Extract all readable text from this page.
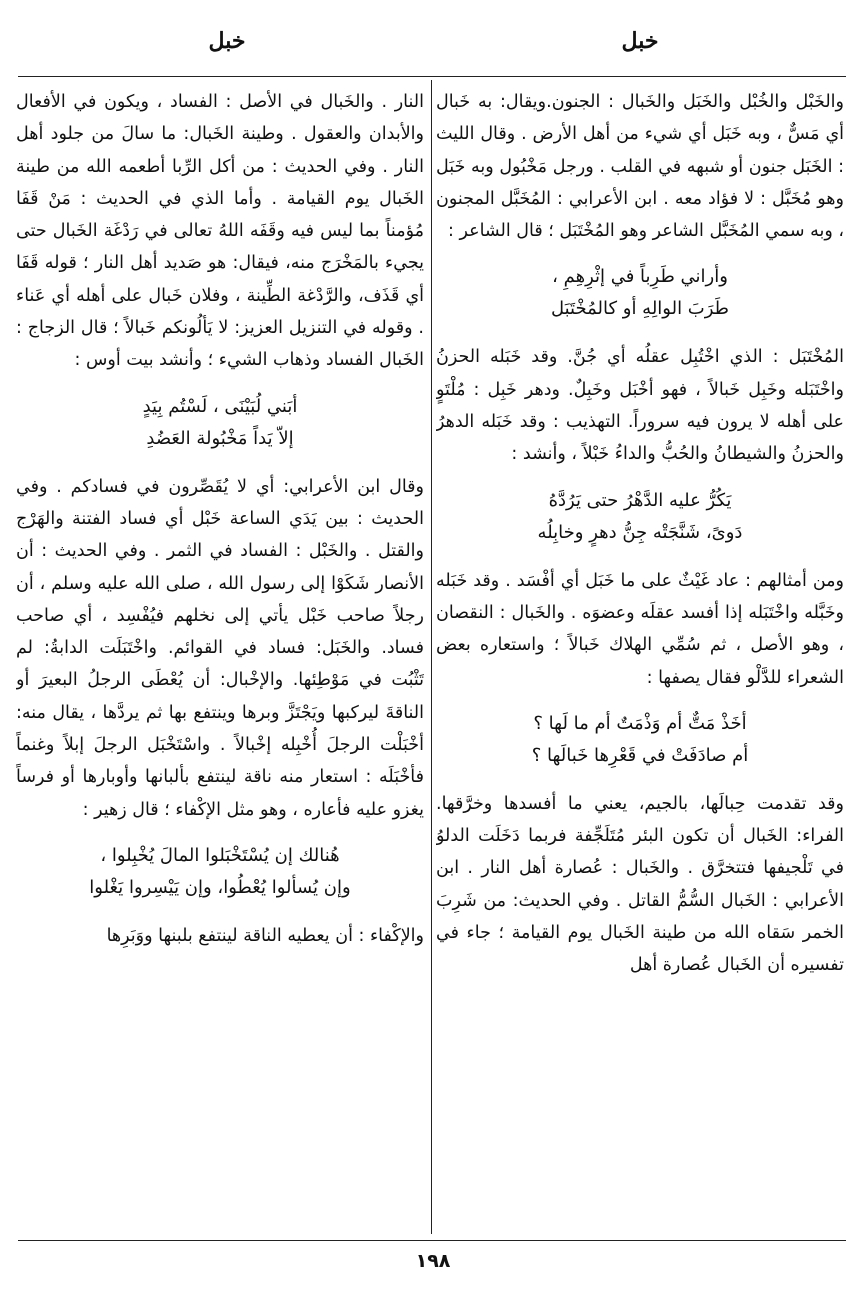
خبل
خبل

والخَبْل والخُبْل والخَبَل والخَبال : الجنون.ويقال: به خَبال أي مَسٌّ ، وبه خَبَل أي شيء من أهل الأرض . وقال الليث : الخَبَل جنون أو شبهه في القلب . ورجل مَخْبُول وبه خَبَل وهو مُخَبَّل : لا فؤاد معه . ابن الأعرابي : المُخَبَّل المجنون ، وبه سمي المُخَبَّل الشاعر وهو المُخْتَبَل ؛ قال الشاعر :

وأراني طَرِباً في إثْرِهِمِ ،
طَرَبَ الوالِهِ أو كالمُخْتَبَل

المُخْتَبَل : الذي اخْتُبِل عقلُه أي جُنَّ. وقد خَبَله الحزنُ واخْتَبَله وخَبِل خَبالاً ، فهو أخْبَل وخَبِلٌ. ودهر خَبِل : مُلْتَوٍ على أهله لا يرون فيه سروراً. التهذيب : وقد خَبَله الدهرُ والحزنُ والشيطانُ والحُبُّ والداءُ خَبْلاً ، وأنشد :

يَكُرُّ عليه الدَّهْرُ حتى يَرُدَّهُ
دَوىً، شَنَّجَتْه جِنُّ دهرٍ وخابِلُه

ومن أمثالهم : عاد غَيْثٌ على ما خَبَل أي أفْسَد . وقد خَبَله وخَبَّله واخْتَبَله إذا أفسد عقلَه وعضوَه . والخَبال : النقصان ، وهو الأصل ، ثم سُمِّي الهلاك خَبالاً ؛ واستعاره بعض الشعراء للدَّلْو فقال يصفها :

أخَذْ مَتٌّ أم وَذْمَتٌ أم ما لَها ؟
أم صادَفَتْ في قَعْرِها خَبالَها ؟

وقد تقدمت حِبالَها، بالجيم، يعني ما أفسدها وخرَّقها. الفراء: الخَبال أن تكون البئر مُتَلَجِّفة فربما دَخَلَت الدلوُ في تَلْجيفها فتتخرَّق . والخَبال : عُصارة أهل النار . ابن الأعرابي : الخَبال السُّمُّ القاتل . وفي الحديث: من شَرِبَ الخمر سَقاه الله من طينة الخَبال يوم القيامة ؛ جاء في تفسيره أن الخَبال عُصارة أهل

النار . والخَبال في الأصل : الفساد ، ويكون في الأفعال والأبدان والعقول . وطينة الخَبال: ما سالَ من جلود أهل النار . وفي الحديث : من أكل الرِّبا أطعمه الله من طينة الخَبال يوم القيامة . وأما الذي في الحديث : مَنْ قَفَا مُؤمناً بما ليس فيه وقَفَه اللهُ تعالى في رَدْغَة الخَبال حتى يجيء بالمَخْرَج منه، فيقال: هو صَديد أهل النار ؛ قوله قَفَا أي قَذَف، والرَّدْغة الطِّينة ، وفلان خَبال على أهله أي عَناء . وقوله في التنزيل العزيز: لا يَألُونكم خَبالاً ؛ قال الزجاج : الخَبال الفساد وذهاب الشيء ؛ وأنشد بيت أوس :

أبَني لُبَيْنَى ، لَسْتُم بِيَدٍ
إلاّ يَداً مَخْبُولة العَضُدِ

وقال ابن الأعرابي: أي لا يُقَصِّرون في فسادكم . وفي الحديث : بين يَدَي الساعة خَبْل أي فساد الفتنة والهَرْج والقتل . والخَبْل : الفساد في الثمر . وفي الحديث : أن الأنصار شَكَوْا إلى رسول الله ، صلى الله عليه وسلم ، أن رجلاً صاحب خَبْل يأتي إلى نخلهم فيُفْسِد ، أي صاحب فساد. والخَبَل: فساد في القوائم. واخْتَبَلَت الدابةُ: لم تَثْبُت في مَوْطِئها. والإخْبال: أن يُعْطَى الرجلُ البعيرَ أو الناقةَ ليركبها ويَجْتَزَّ وبرها وينتفع بها ثم يردَّها ، يقال منه: أخْبَلْت الرجلَ أُخْبِله إخْبالاً . واسْتَخْبَل الرجلَ إبلاً وغنماً فأخْبَلَه : استعار منه ناقة لينتفع بألبانها وأوبارها أو فرساً يغزو عليه فأعاره ، وهو مثل الإكْفاء ؛ قال زهير :

هُنالك إن يُسْتَخْبَلوا المالَ يُخْبِلوا ،
وإن يُسألوا يُعْطُوا، وإن يَيْسِروا يَغْلوا

والإكْفاء : أن يعطيه الناقة لينتفع بلبنها ووَبَرِها

١٩٨
